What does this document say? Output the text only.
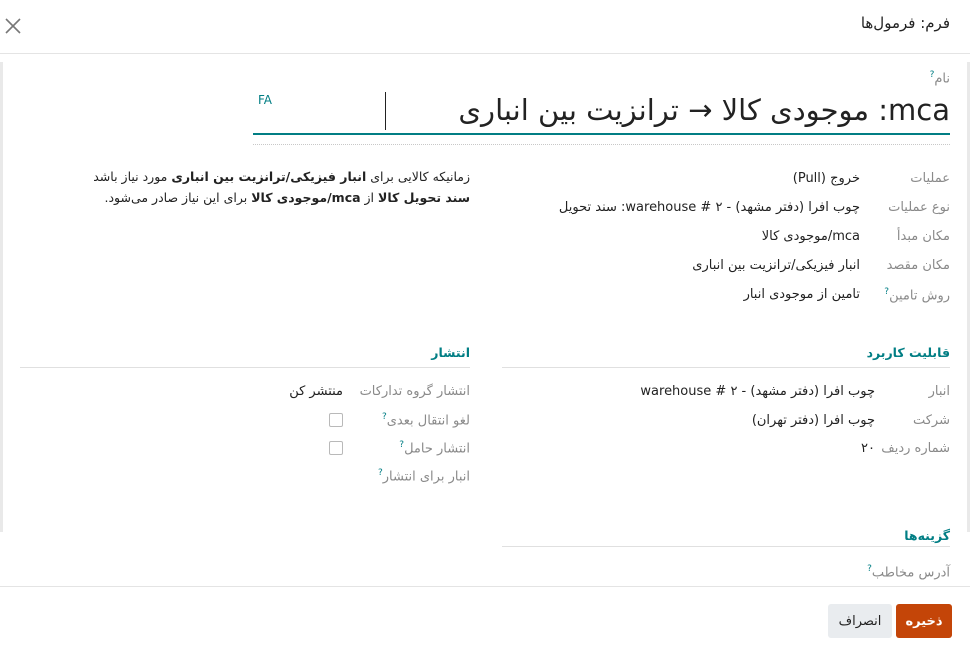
فرم: فرمول‌ها
نام?
FA
mca: موجودی کالا → ترانزیت بین انباری
عملیات
خروج (Pull)
نوع عملیات
چوب افرا (دفتر مشهد) - ۲ # warehouse: سند تحویل
مکان مبدأ
mca/موجودی کالا
مکان مقصد
انبار فیزیکی/ترانزیت بین انباری
روش تامین?
تامین از موجودی انبار
زمانیکه کالایی برای انبار فیزیکی/ترانزیت بین انباری مورد نیاز باشد سند تحویل کالا از mca/موجودی کالا برای این نیاز صادر می‌شود.
قابلیت کاربرد
انبار
چوب افرا (دفتر مشهد) - ۲ # warehouse
شرکت
چوب افرا (دفتر تهران)
شماره ردیف
۲۰
انتشار
انتشار گروه تدارکات
منتشر کن
لغو انتقال بعدی?
انتشار حامل?
انبار برای انتشار?
گزینه‌ها
آدرس مخاطب?
ذخیره
انصراف
